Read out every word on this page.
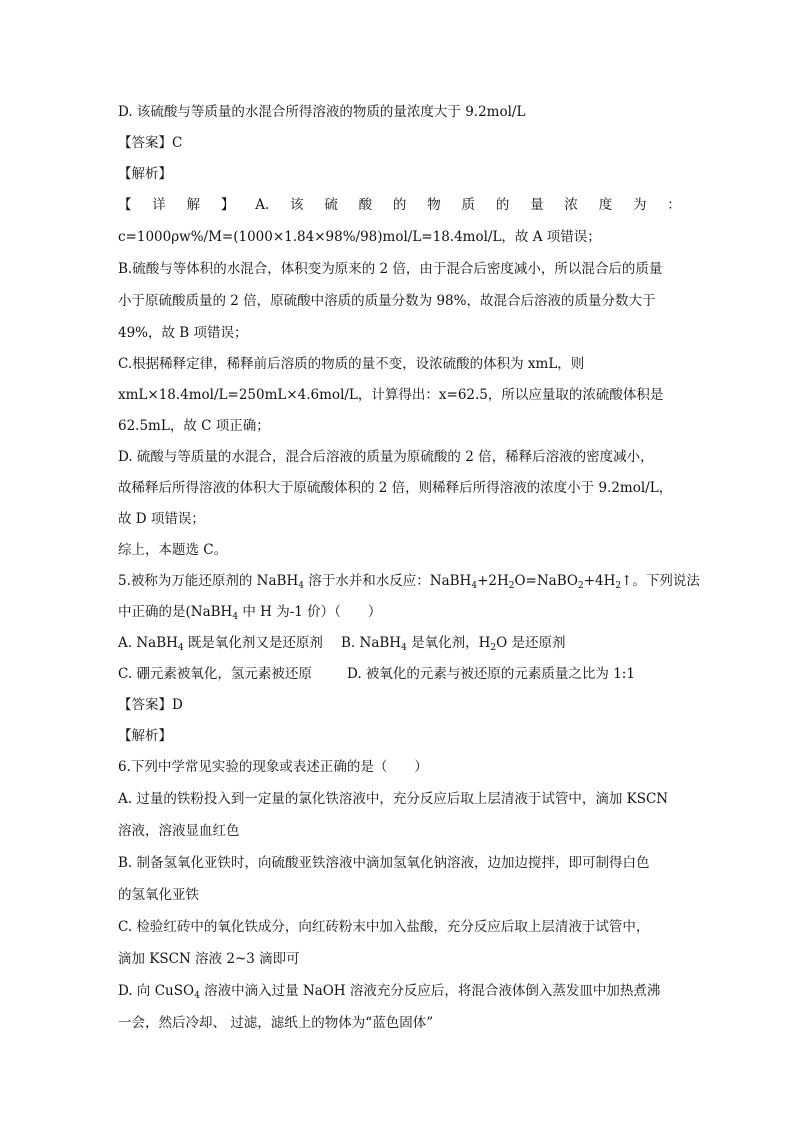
D. 该硫酸与等质量的水混合所得溶液的物质的量浓度大于 9.2mol/L
【答案】C
【解析】
【 详 解 】 A. 该 硫 酸 的 物 质 的 量 浓 度 为 ：
c=1000ρw%/M=(1000×1.84×98%/98)mol/L=18.4mol/L，故 A 项错误；
B.硫酸与等体积的水混合，体积变为原来的 2 倍，由于混合后密度减小，所以混合后的质量
小于原硫酸质量的 2 倍，原硫酸中溶质的质量分数为 98%，故混合后溶液的质量分数大于
49%，故 B 项错误；
C.根据稀释定律，稀释前后溶质的物质的量不变，设浓硫酸的体积为 xmL，则
xmL×18.4mol/L=250mL×4.6mol/L，计算得出：x=62.5，所以应量取的浓硫酸体积是
62.5mL，故 C 项正确；
D. 硫酸与等质量的水混合，混合后溶液的质量为原硫酸的 2 倍，稀释后溶液的密度减小，
故稀释后所得溶液的体积大于原硫酸体积的 2 倍，则稀释后所得溶液的浓度小于 9.2mol/L，
故 D 项错误；
综上，本题选 C。
5.被称为万能还原剂的 NaBH$_4$ 溶于水并和水反应：$NaBH_4+2H_2O=NaBO_2+4H_2↑$。下列说法
中正确的是(NaBH$_4$ 中 H 为-1 价）（　　）
A. NaBH$_4$ 既是氧化剂又是还原剂 B. NaBH$_4$ 是氧化剂，$H_2O$ 是还原剂
C. 硼元素被氧化，氢元素被还原	D. 被氧化的元素与被还原的元素质量之比为 1:1
【答案】D
【解析】
6.下列中学常见实验的现象或表述正确的是（　　）
A. 过量的铁粉投入到一定量的氯化铁溶液中，充分反应后取上层清液于试管中，滴加 KSCN
溶液，溶液显血红色
B. 制备氢氧化亚铁时，向硫酸亚铁溶液中滴加氢氧化钠溶液，边加边搅拌，即可制得白色
的氢氧化亚铁
C. 检验红砖中的氧化铁成分，向红砖粉末中加入盐酸，充分反应后取上层清液于试管中，
滴加 KSCN 溶液 2~3 滴即可
D. 向 CuSO$_4$ 溶液中滴入过量 NaOH 溶液充分反应后，将混合液体倒入蒸发皿中加热煮沸
一会，然后冷却、 过滤，滤纸上的物体为“蓝色固体”
